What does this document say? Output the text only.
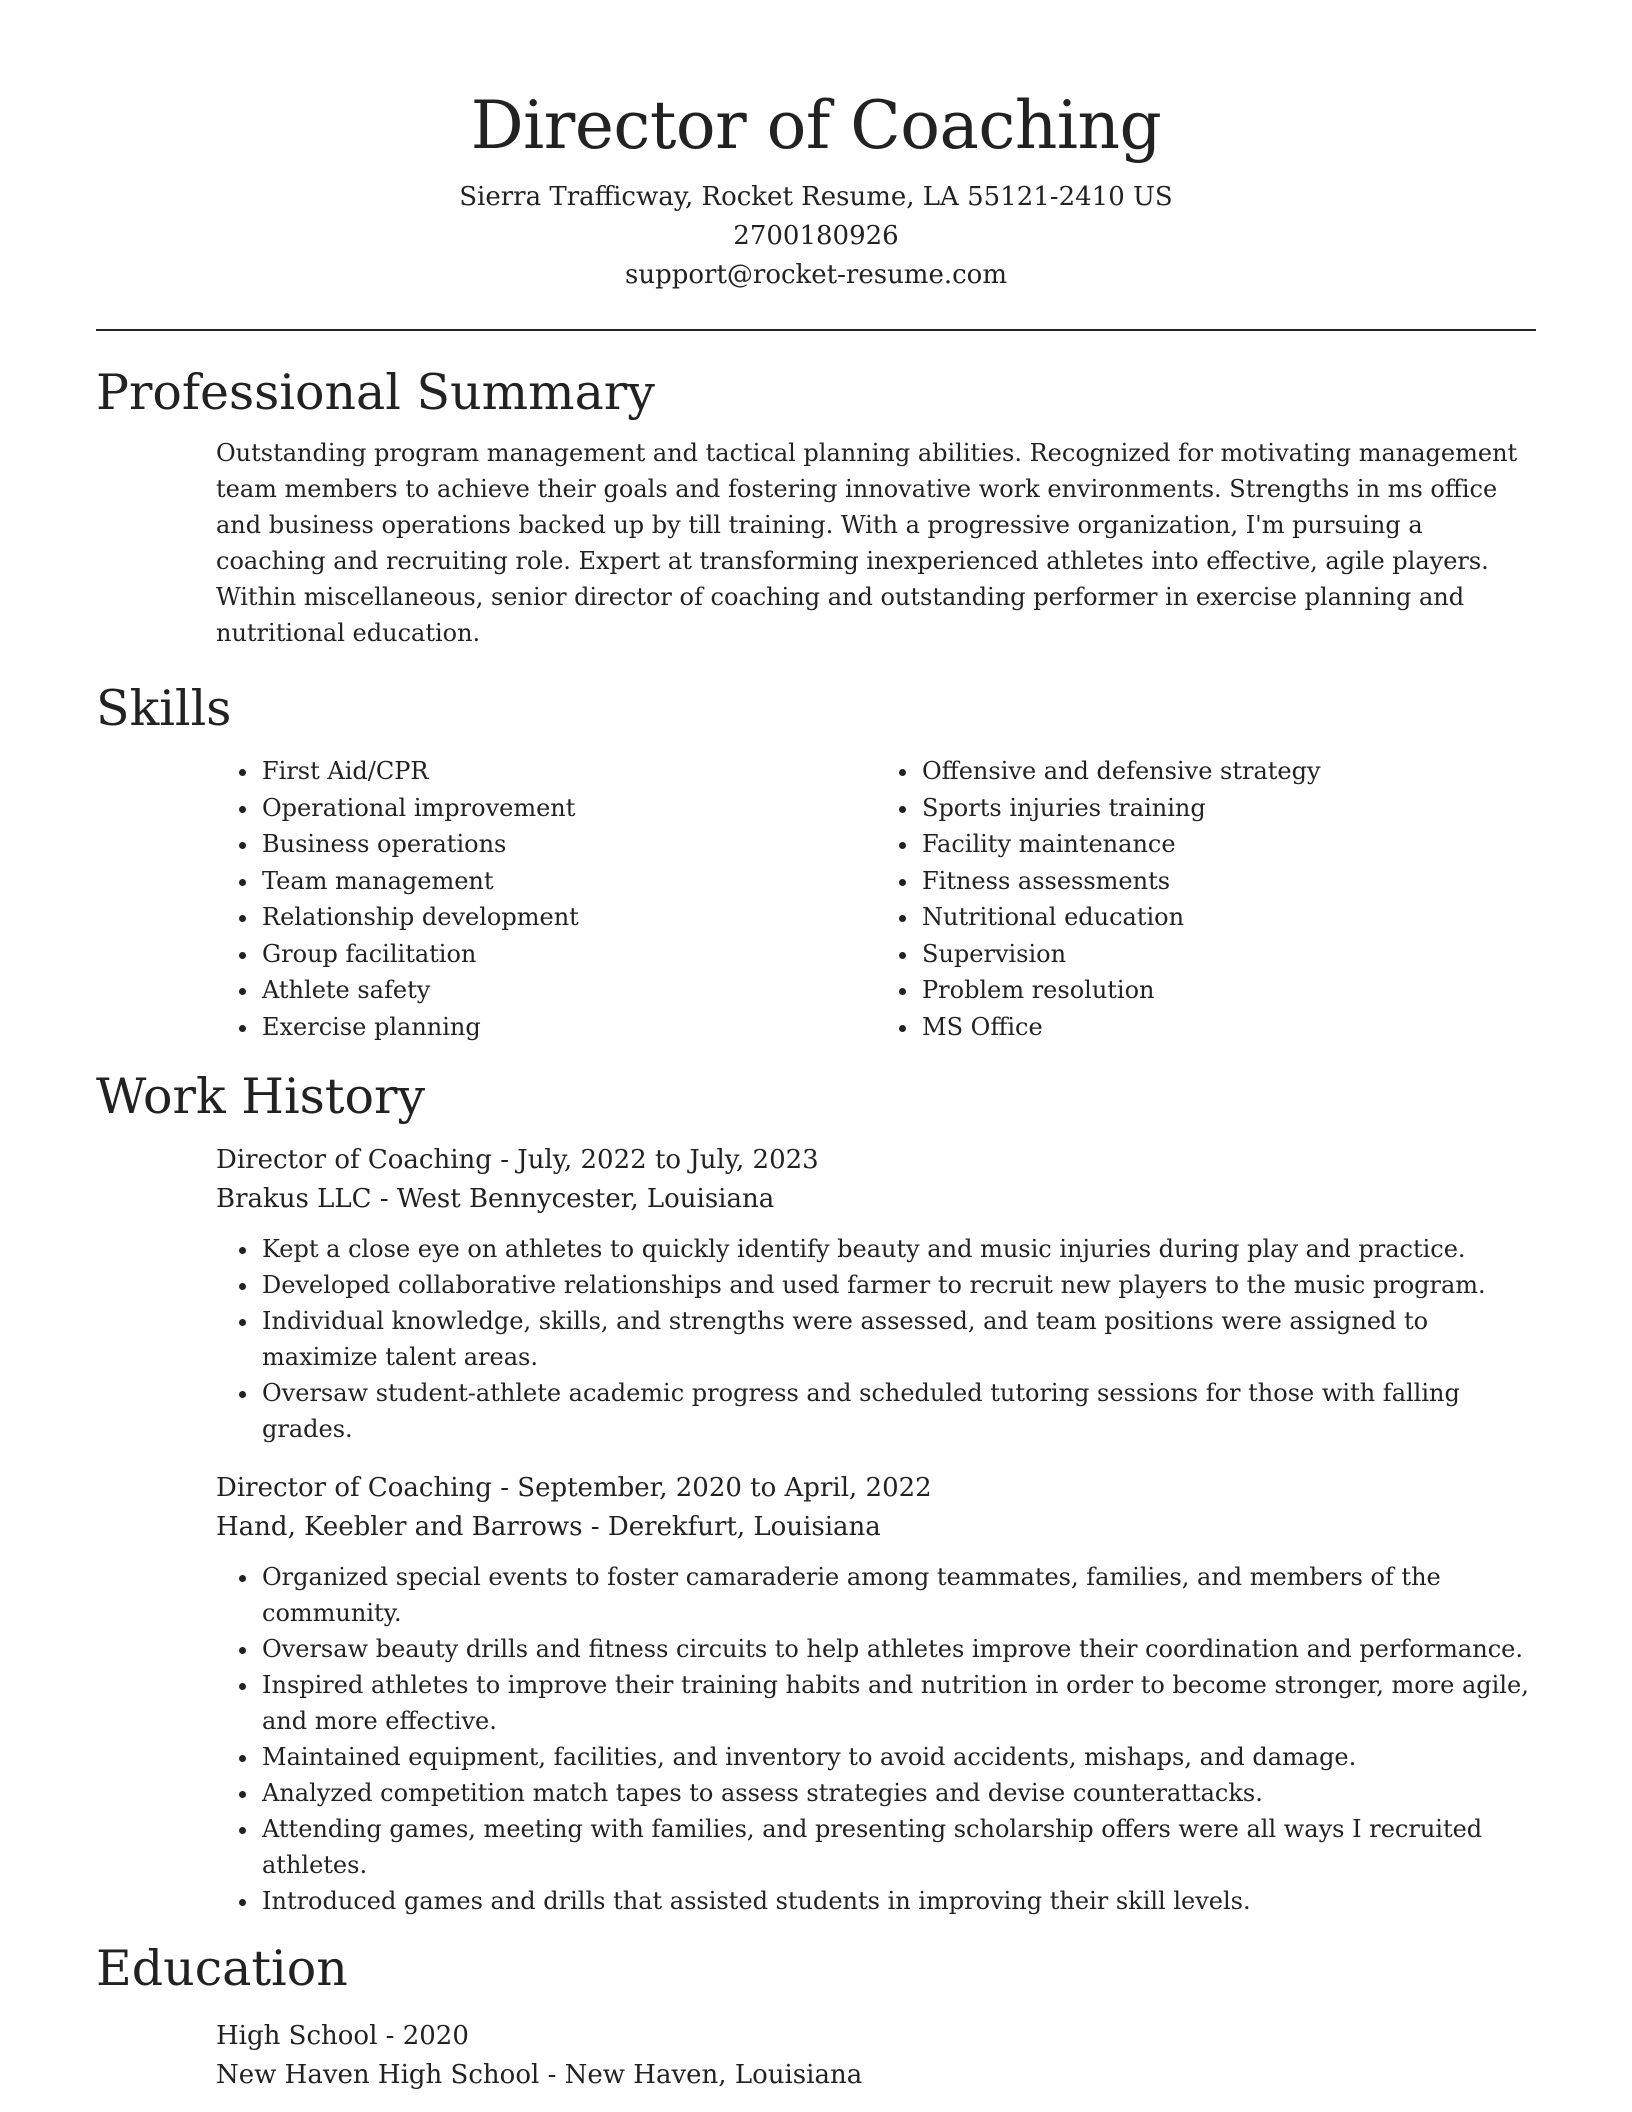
Director of Coaching

Sierra Trafficway, Rocket Resume, LA 55121-2410 US

2700180926

support@rocket-resume.com

Professional Summary

Outstanding program management and tactical planning abilities. Recognized for motivating management team members to achieve their goals and fostering innovative work environments. Strengths in ms office and business operations backed up by till training. With a progressive organization, I'm pursuing a coaching and recruiting role. Expert at transforming inexperienced athletes into effective, agile players. Within miscellaneous, senior director of coaching and outstanding performer in exercise planning and nutritional education.

Skills
• First Aid/CPR
• Operational improvement
• Business operations
• Team management
• Relationship development
• Group facilitation
• Athlete safety
• Exercise planning
• Offensive and defensive strategy
• Sports injuries training
• Facility maintenance
• Fitness assessments
• Nutritional education
• Supervision
• Problem resolution
• MS Office
Work History

Director of Coaching - July, 2022 to July, 2023

Brakus LLC - West Bennycester, Louisiana

• Kept a close eye on athletes to quickly identify beauty and music injuries during play and practice.
• Developed collaborative relationships and used farmer to recruit new players to the music program.
• Individual knowledge, skills, and strengths were assessed, and team positions were assigned to maximize talent areas.
• Oversaw student-athlete academic progress and scheduled tutoring sessions for those with falling grades.

Director of Coaching - September, 2020 to April, 2022

Hand, Keebler and Barrows - Derekfurt, Louisiana

• Organized special events to foster camaraderie among teammates, families, and members of the community.
• Oversaw beauty drills and fitness circuits to help athletes improve their coordination and performance.
• Inspired athletes to improve their training habits and nutrition in order to become stronger, more agile, and more effective.
• Maintained equipment, facilities, and inventory to avoid accidents, mishaps, and damage.
• Analyzed competition match tapes to assess strategies and devise counterattacks.
• Attending games, meeting with families, and presenting scholarship offers were all ways I recruited athletes.
• Introduced games and drills that assisted students in improving their skill levels.
Education

High School - 2020

New Haven High School - New Haven, Louisiana
